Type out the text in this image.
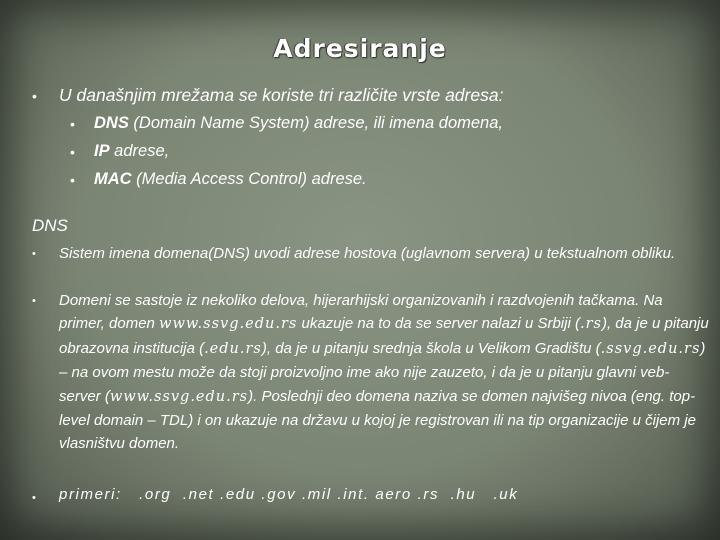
Adresiranje
• U današnjim mrežama se koriste tri različite vrste adresa:
• DNS (Domain Name System) adrese, ili imena domena,
• IP adrese,
• MAC (Media Access Control) adrese.
DNS
• Sistem imena domena(DNS) uvodi adrese hostova (uglavnom servera) u tekstualnom obliku.
• Domeni se sastoje iz nekoliko delova, hijerarhijski organizovanih i razdvojenih tačkama. Na primer, domen www.ssvg.edu.rs ukazuje na to da se server nalazi u Srbiji (.rs), da je u pitanju obrazovna institucija (.edu.rs), da je u pitanju srednja škola u Velikom Gradištu (.ssvg.edu.rs) – na ovom mestu može da stoji proizvoljno ime ako nije zauzeto, i da je u pitanju glavni veb-server (www.ssvg.edu.rs). Poslednji deo domena naziva se domen najvišeg nivoa (eng. top-level domain – TDL) i on ukazuje na državu u kojoj je registrovan ili na tip organizacije u čijem je vlasništvu domen.
• primeri:   .org  .net .edu .gov .mil .int. aero .rs  .hu   .uk
